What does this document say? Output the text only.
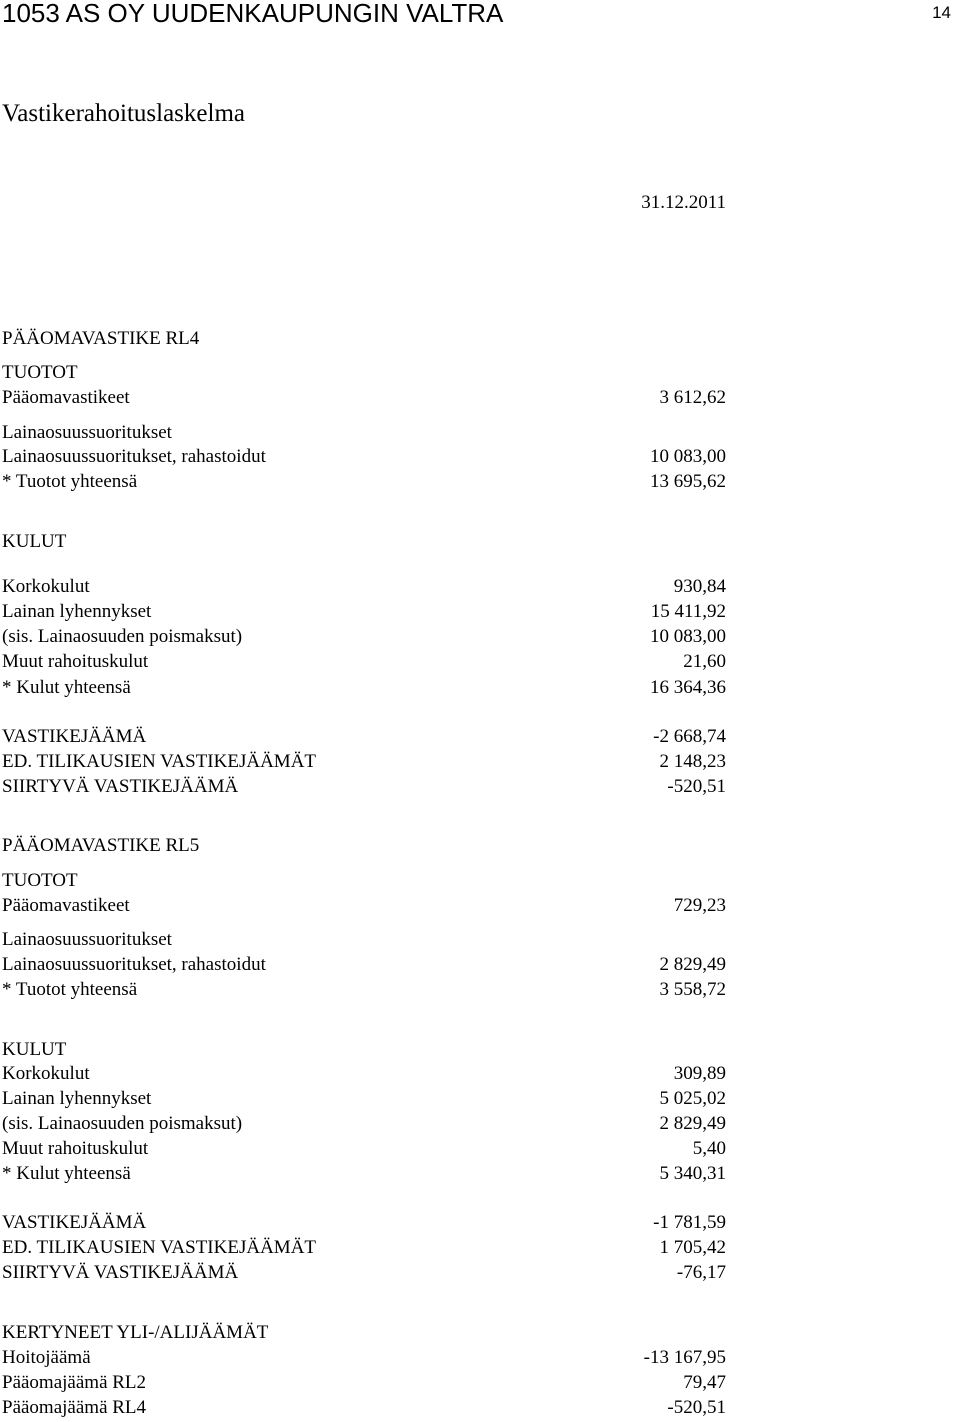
1053 AS OY UUDENKAUPUNGIN VALTRA	14
Vastikerahoituslaskelma
31.12.2011
PÄÄOMAVASTIKE RL4
TUOTOT
Pääomavastikeet	3 612,62
Lainaosuussuoritukset
Lainaosuussuoritukset, rahastoidut	10 083,00
* Tuotot yhteensä	13 695,62
KULUT
Korkokulut	930,84
Lainan lyhennykset	15 411,92
(sis. Lainaosuuden poismaksut)	10 083,00
Muut rahoituskulut	21,60
* Kulut yhteensä	16 364,36
VASTIKEJÄÄMÄ	-2 668,74
ED. TILIKAUSIEN VASTIKEJÄÄMÄT	2 148,23
SIIRTYVÄ VASTIKEJÄÄMÄ	-520,51
PÄÄOMAVASTIKE RL5
TUOTOT
Pääomavastikeet	729,23
Lainaosuussuoritukset
Lainaosuussuoritukset, rahastoidut	2 829,49
* Tuotot yhteensä	3 558,72
KULUT
Korkokulut	309,89
Lainan lyhennykset	5 025,02
(sis. Lainaosuuden poismaksut)	2 829,49
Muut rahoituskulut	5,40
* Kulut yhteensä	5 340,31
VASTIKEJÄÄMÄ	-1 781,59
ED. TILIKAUSIEN VASTIKEJÄÄMÄT	1 705,42
SIIRTYVÄ VASTIKEJÄÄMÄ	-76,17
KERTYNEET YLI-/ALIJÄÄMÄT
Hoitojäämä	-13 167,95
Pääomajäämä RL2	79,47
Pääomajäämä RL4	-520,51
